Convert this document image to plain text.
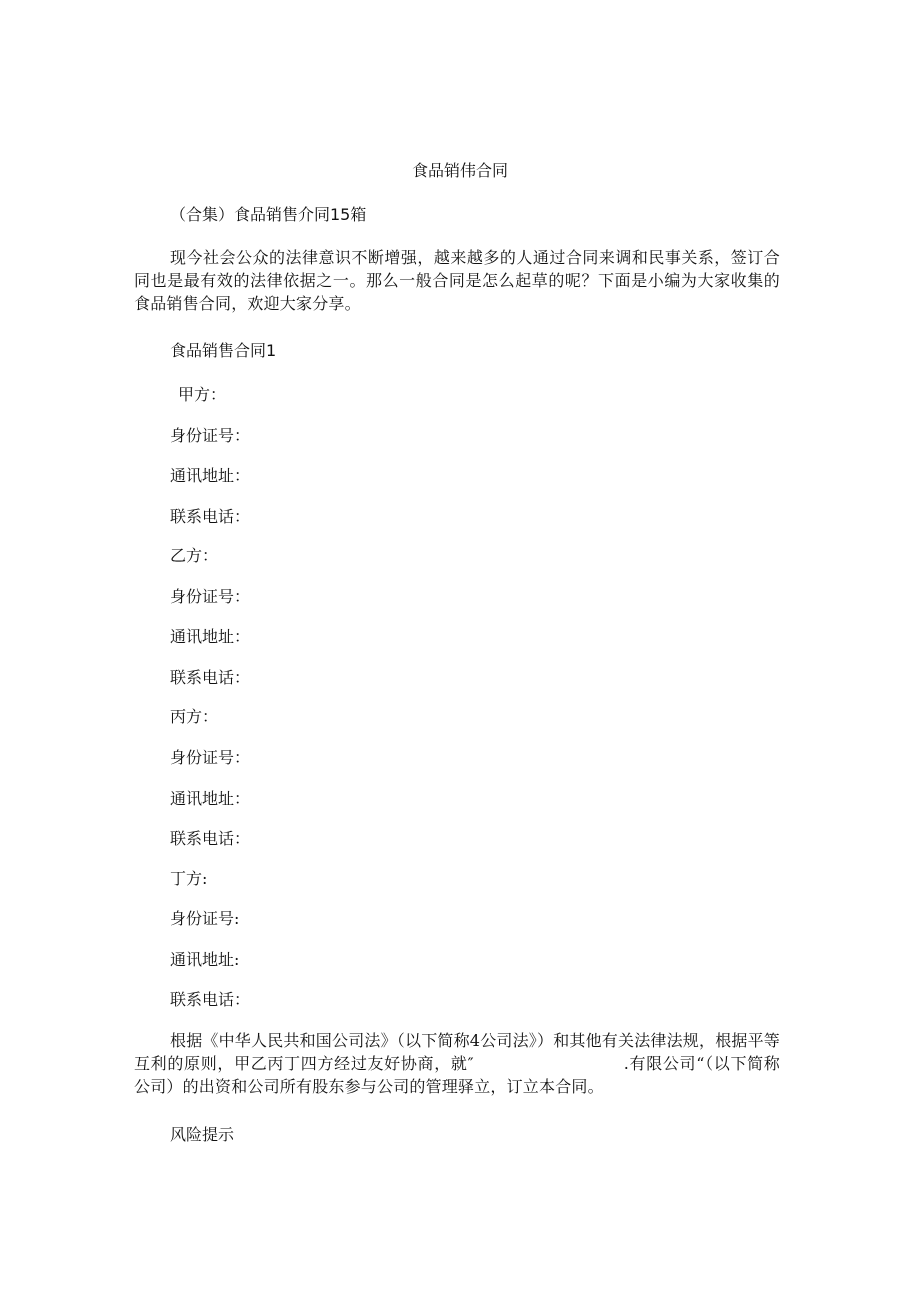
食品销伟合同
（合集）食品销售介同15箱
现今社会公众的法律意识不断增强，越来越多的人通过合同来调和民事关系，签订合同也是最有效的法律依据之一。那么一般合同是怎么起草的呢？下面是小编为大家收集的食品销售合同，欢迎大家分享。
食品销售合同1
甲方：
身份证号：
通讯地址：
联系电话：
乙方：
身份证号：
通讯地址：
联系电话：
丙方：
身份证号：
通讯地址：
联系电话：
丁方:
身份证号:
通讯地址:
联系电话：
根据《中华人民共和国公司法》（以下简称4公司法》）和其他有关法律法规，根据平等互利的原则，甲乙丙丁四方经过友好协商，就″	.有限公司“（以下简称公司）的出资和公司所有股东参与公司的管理驿立，订立本合同。
风险提示
